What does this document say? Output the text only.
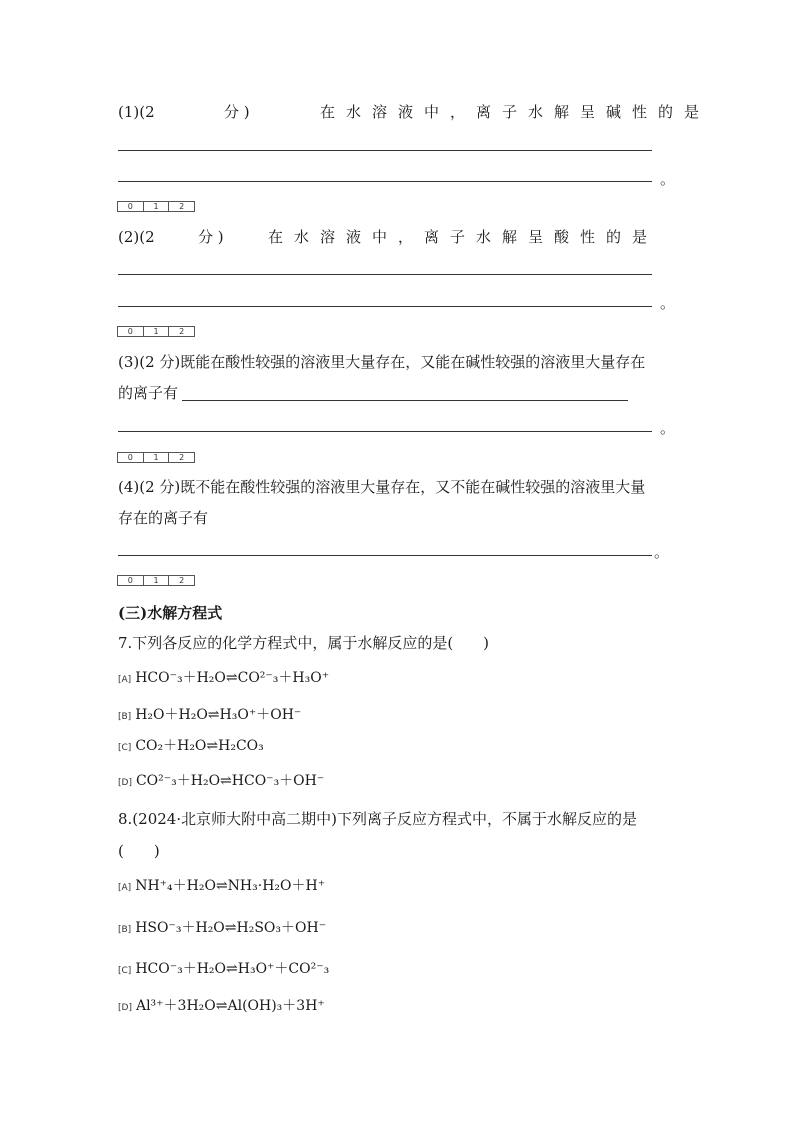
(1)(2	分 )	在水溶液中，离子水解呈碱性的是
。
0	1	2
(2)(2	分 )	在水溶液中，离子水解呈酸性的是
。
0	1	2
(3)(2 分)既能在酸性较强的溶液里大量存在，又能在碱性较强的溶液里大量存在
的离子有
。
0	1	2
(4)(2 分)既不能在酸性较强的溶液里大量存在，又不能在碱性较强的溶液里大量
存在的离子有
。
0	1	2
(三)水解方程式
7.下列各反应的化学方程式中，属于水解反应的是(　　)
[A] HCO⁻₃＋H₂O⇌CO²⁻₃＋H₃O⁺
[B] H₂O＋H₂O⇌H₃O⁺＋OH⁻
[C] CO₂＋H₂O⇌H₂CO₃
[D] CO²⁻₃＋H₂O⇌HCO⁻₃＋OH⁻
8.(2024·北京师大附中高二期中)下列离子反应方程式中，不属于水解反应的是
(　　)
[A] NH⁺₄＋H₂O⇌NH₃·H₂O＋H⁺
[B] HSO⁻₃＋H₂O⇌H₂SO₃＋OH⁻
[C] HCO⁻₃＋H₂O⇌H₃O⁺＋CO²⁻₃
[D] Al³⁺＋3H₂O⇌Al(OH)₃＋3H⁺
